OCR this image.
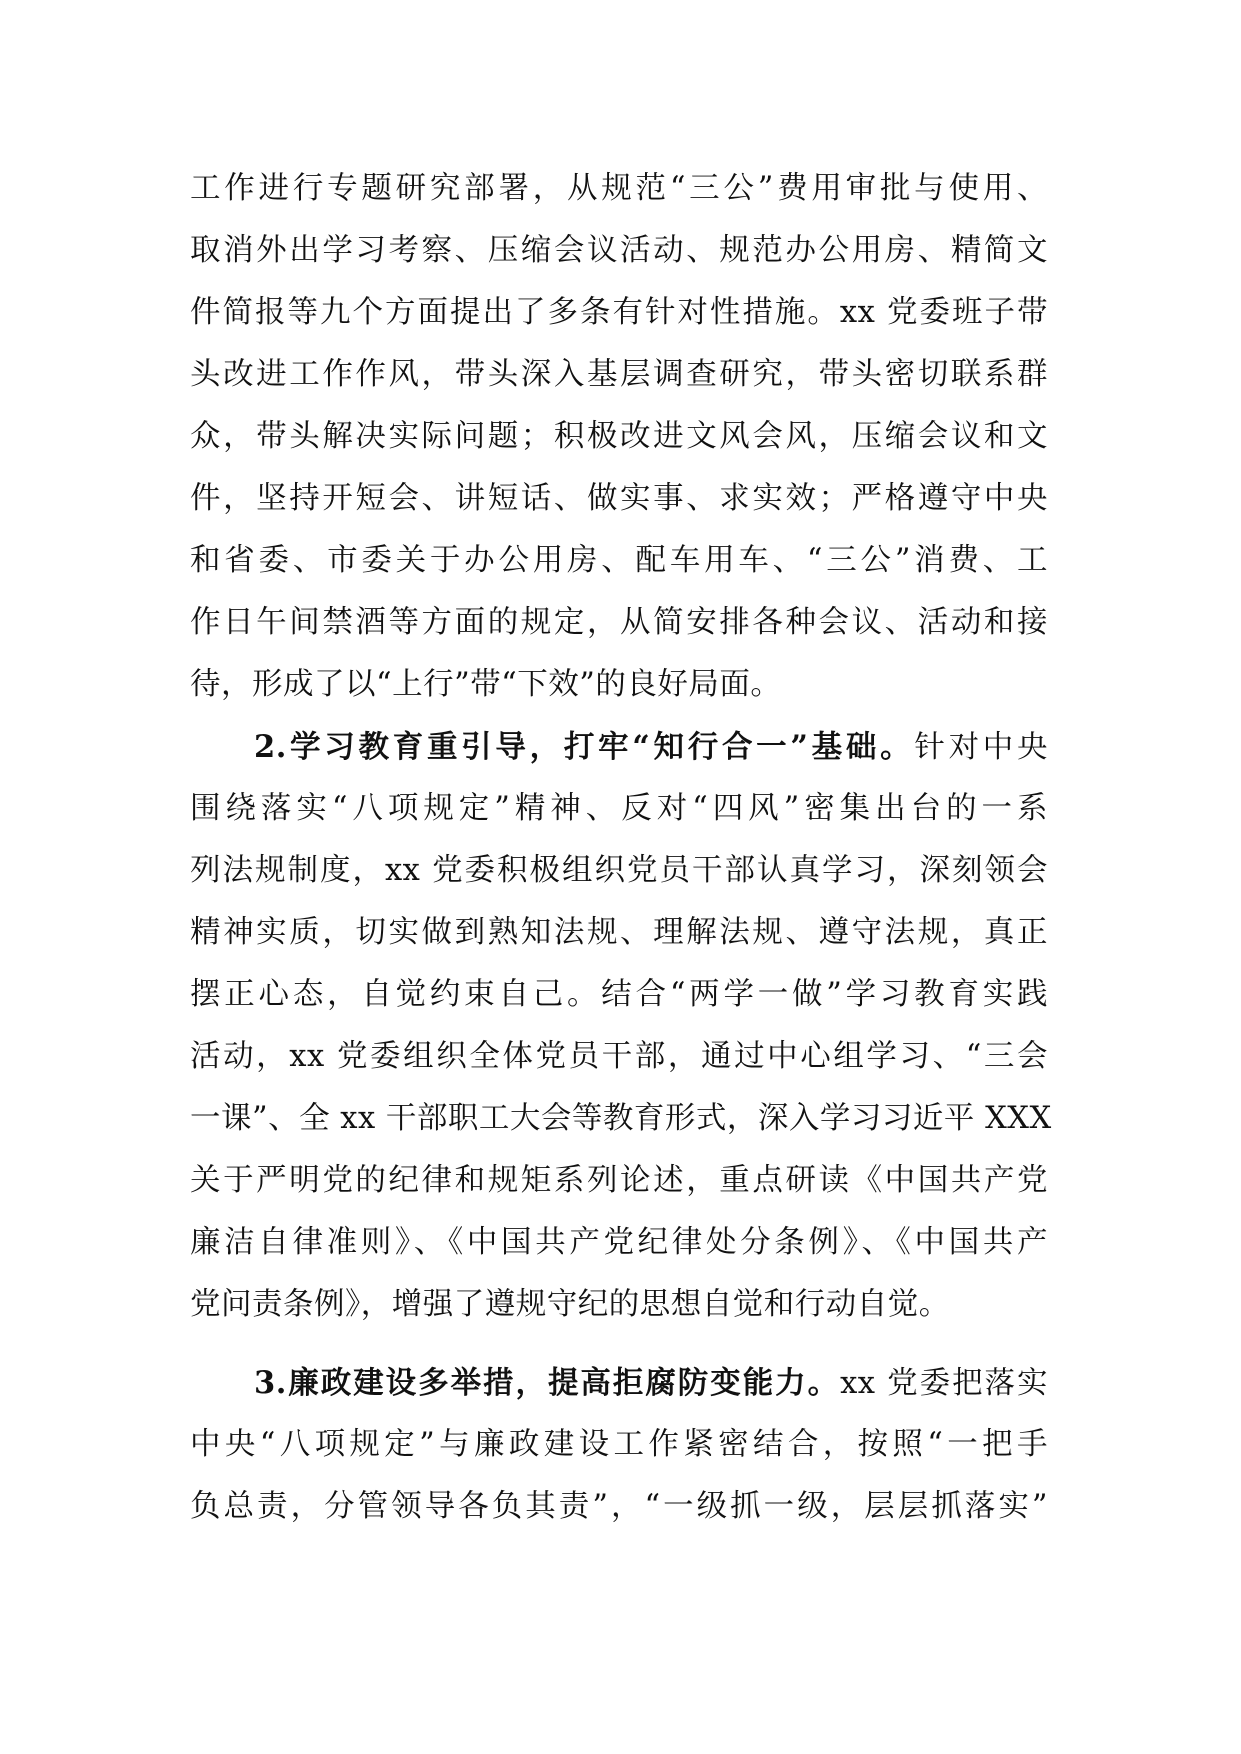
工作进行专题研究部署，从规范“三公”费用审批与使用、
取消外出学习考察、压缩会议活动、规范办公用房、精简文
件简报等九个方面提出了多条有针对性措施。xx 党委班子带
头改进工作作风，带头深入基层调查研究，带头密切联系群
众，带头解决实际问题；积极改进文风会风，压缩会议和文
件，坚持开短会、讲短话、做实事、求实效；严格遵守中央
和省委、市委关于办公用房、配车用车、“三公”消费、工
作日午间禁酒等方面的规定，从简安排各种会议、活动和接
待，形成了以“上行”带“下效”的良好局面。
2.学习教育重引导，打牢“知行合一”基础。针对中央
围绕落实“八项规定”精神、反对“四风”密集出台的一系
列法规制度，xx 党委积极组织党员干部认真学习，深刻领会
精神实质，切实做到熟知法规、理解法规、遵守法规，真正
摆正心态，自觉约束自己。结合“两学一做”学习教育实践
活动，xx 党委组织全体党员干部，通过中心组学习、“三会
一课”、全 xx 干部职工大会等教育形式，深入学习习近平 XXX
关于严明党的纪律和规矩系列论述，重点研读《中国共产党
廉洁自律准则》、《中国共产党纪律处分条例》、《中国共产
党问责条例》，增强了遵规守纪的思想自觉和行动自觉。
3.廉政建设多举措，提高拒腐防变能力。xx 党委把落实
中央“八项规定”与廉政建设工作紧密结合，按照“一把手
负总责，分管领导各负其责”，“一级抓一级，层层抓落实”
